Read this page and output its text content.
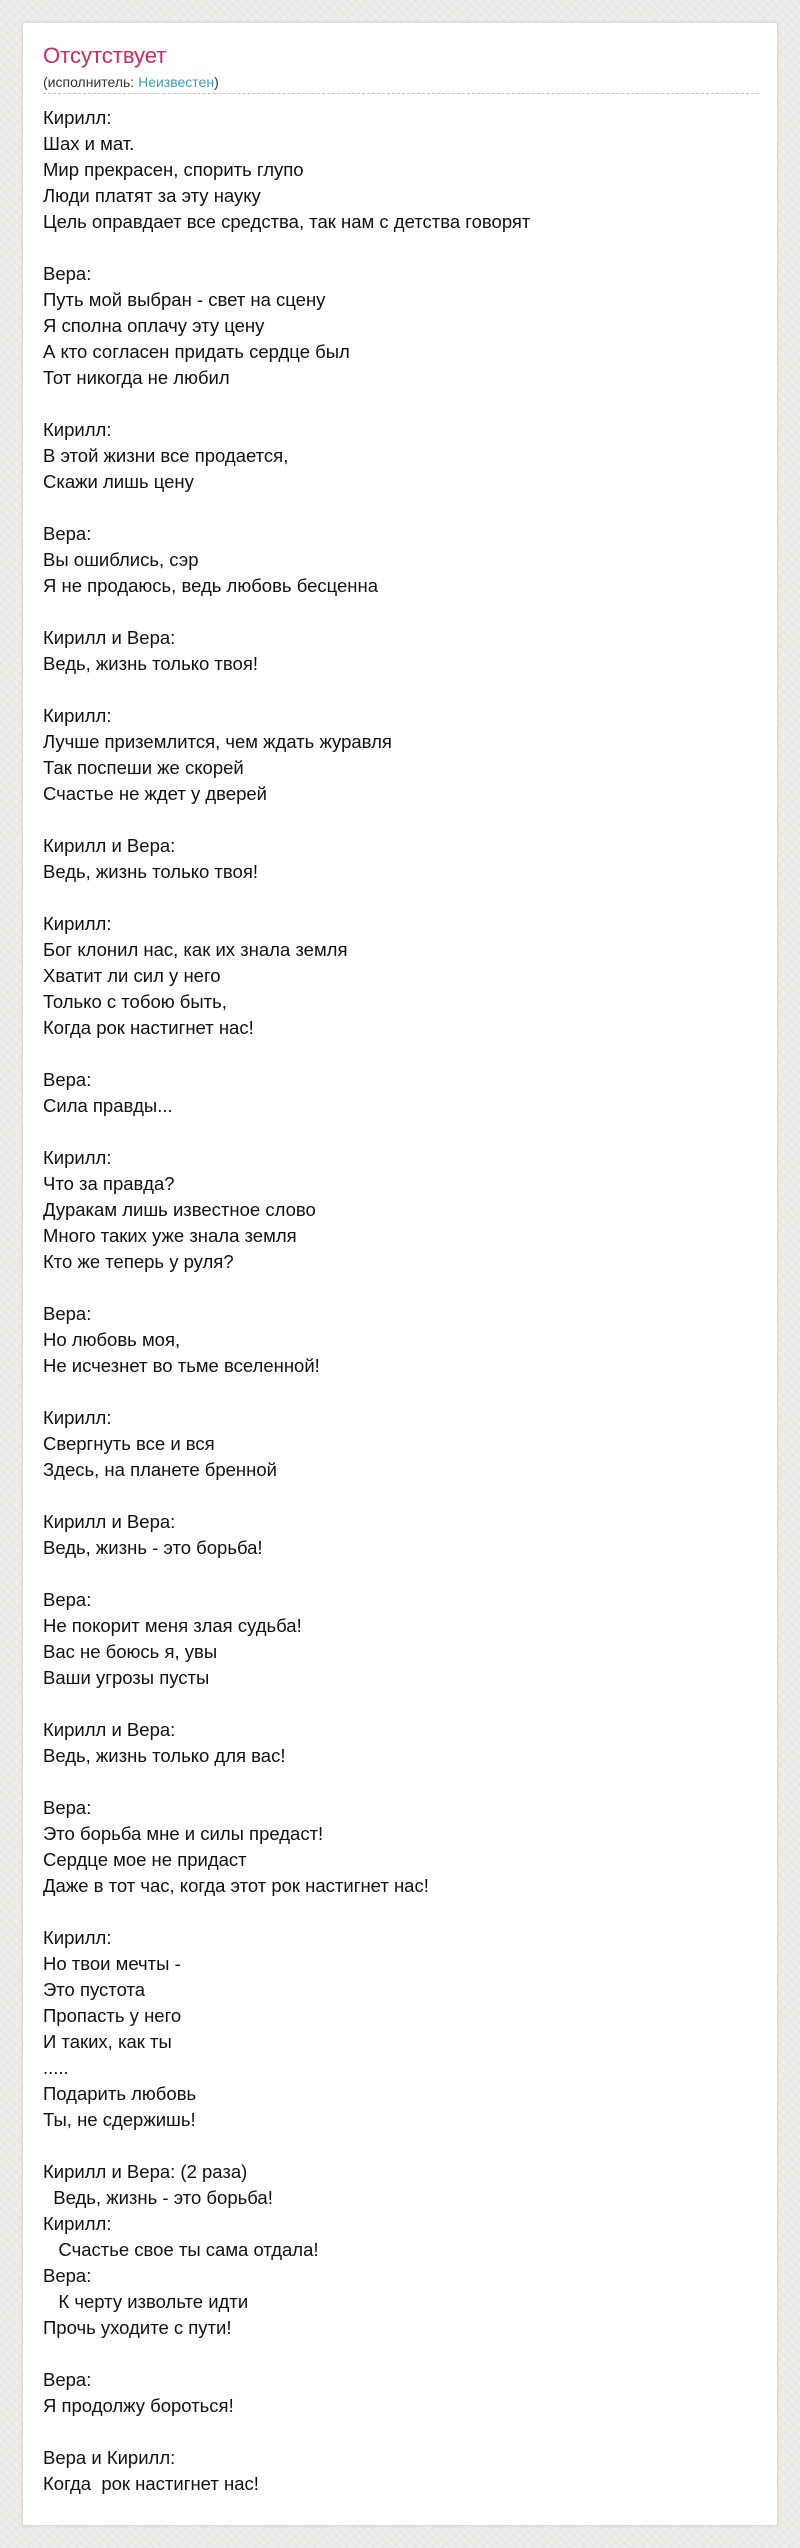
Отсутствует
(исполнитель: Неизвестен)
Кирилл:
Шах и мат.
Мир прекрасен, спорить глупо
Люди платят за эту науку
Цель оправдает все средства, так нам с детства говорят

Вера:
Путь мой выбран - свет на сцену
Я сполна оплачу эту цену
А кто согласен придать сердце был
Тот никогда не любил

Кирилл:
В этой жизни все продается,
Скажи лишь цену

Вера:
Вы ошиблись, сэр
Я не продаюсь, ведь любовь бесценна

Кирилл и Вера:
Ведь, жизнь только твоя!

Кирилл:
Лучше приземлится, чем ждать журавля
Так поспеши же скорей
Счастье не ждет у дверей

Кирилл и Вера:
Ведь, жизнь только твоя!

Кирилл:
Бог клонил нас, как их знала земля
Хватит ли сил у него
Только с тобою быть,
Когда рок настигнет нас!

Вера:
Сила правды...

Кирилл:
Что за правда?
Дуракам лишь известное слово
Много таких уже знала земля
Кто же теперь у руля?

Вера:
Но любовь моя,
Не исчезнет во тьме вселенной!

Кирилл:
Свергнуть все и вся
Здесь, на планете бренной

Кирилл и Вера:
Ведь, жизнь - это борьба!

Вера:
Не покорит меня злая судьба!
Вас не боюсь я, увы
Ваши угрозы пусты

Кирилл и Вера:
Ведь, жизнь только для вас!

Вера:
Это борьба мне и силы предаст!
Сердце мое не придаст
Даже в тот час, когда этот рок настигнет нас!

Кирилл:
Но твои мечты -
Это пустота
Пропасть у него
И таких, как ты
.....
Подарить любовь
Ты, не сдержишь!

Кирилл и Вера: (2 раза)
Ведь, жизнь - это борьба!
Кирилл:
Счастье свое ты сама отдала!
Вера:
К черту извольте идти
Прочь уходите с пути!

Вера:
Я продолжу бороться!

Вера и Кирилл:
Когда  рок настигнет нас!
